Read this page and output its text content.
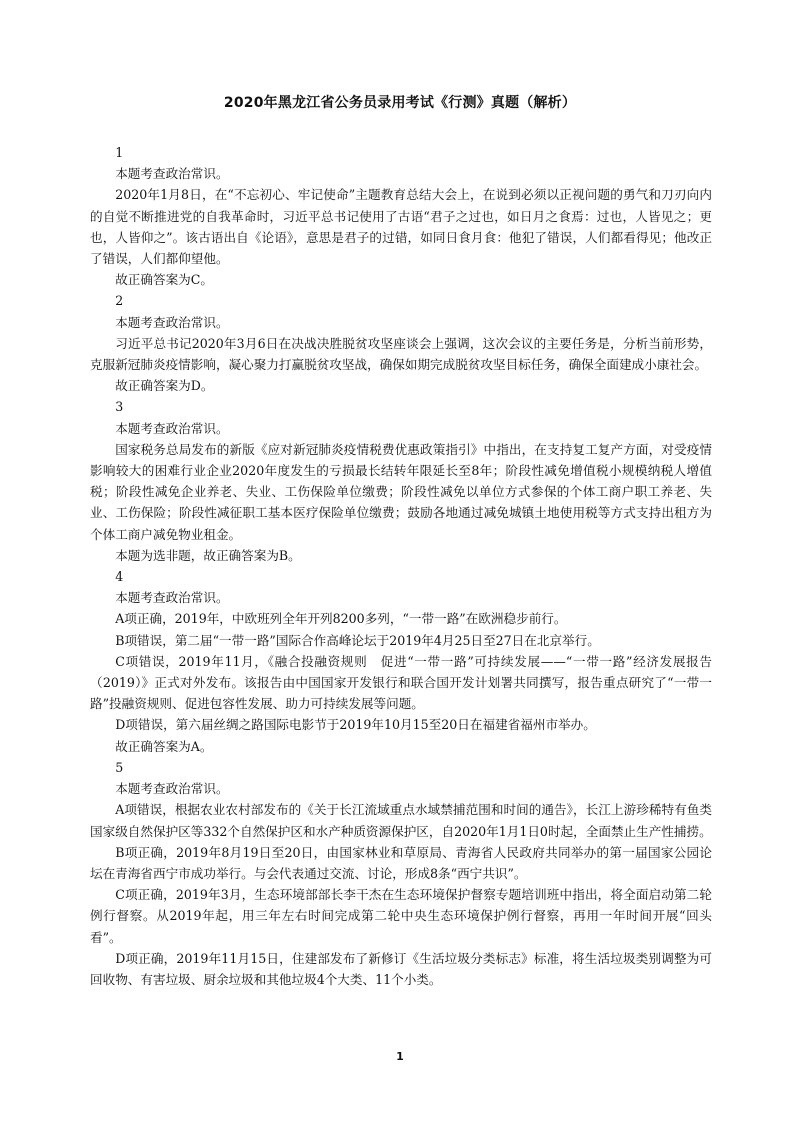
2020年黑龙江省公务员录用考试《行测》真题（解析）

1

本题考查政治常识。

2020年1月8日，在“不忘初心、牢记使命”主题教育总结大会上，在说到必须以正视问题的勇气和刀刃向内的自觉不断推进党的自我革命时，习近平总书记使用了古语“君子之过也，如日月之食焉：过也，人皆见之；更也，人皆仰之”。该古语出自《论语》，意思是君子的过错，如同日食月食：他犯了错误，人们都看得见；他改正了错误，人们都仰望他。

故正确答案为C。

2

本题考查政治常识。

习近平总书记2020年3月6日在决战决胜脱贫攻坚座谈会上强调，这次会议的主要任务是，分析当前形势，克服新冠肺炎疫情影响，凝心聚力打赢脱贫攻坚战，确保如期完成脱贫攻坚目标任务，确保全面建成小康社会。

故正确答案为D。

3

本题考查政治常识。

国家税务总局发布的新版《应对新冠肺炎疫情税费优惠政策指引》中指出，在支持复工复产方面，对受疫情影响较大的困难行业企业2020年度发生的亏损最长结转年限延长至8年；阶段性减免增值税小规模纳税人增值税；阶段性减免企业养老、失业、工伤保险单位缴费；阶段性减免以单位方式参保的个体工商户职工养老、失业、工伤保险；阶段性减征职工基本医疗保险单位缴费；鼓励各地通过减免城镇土地使用税等方式支持出租方为个体工商户减免物业租金。

本题为选非题，故正确答案为B。

4

本题考查政治常识。

A项正确，2019年，中欧班列全年开列8200多列，“一带一路”在欧洲稳步前行。

B项错误，第二届“一带一路”国际合作高峰论坛于2019年4月25日至27日在北京举行。

C项错误，2019年11月，《融合投融资规则　促进“一带一路”可持续发展——“一带一路”经济发展报告（2019）》正式对外发布。该报告由中国国家开发银行和联合国开发计划署共同撰写，报告重点研究了“一带一路”投融资规则、促进包容性发展、助力可持续发展等问题。

D项错误，第六届丝绸之路国际电影节于2019年10月15至20日在福建省福州市举办。

故正确答案为A。

5

本题考查政治常识。

A项错误，根据农业农村部发布的《关于长江流域重点水域禁捕范围和时间的通告》，长江上游珍稀特有鱼类国家级自然保护区等332个自然保护区和水产种质资源保护区，自2020年1月1日0时起，全面禁止生产性捕捞。

B项正确，2019年8月19日至20日，由国家林业和草原局、青海省人民政府共同举办的第一届国家公园论坛在青海省西宁市成功举行。与会代表通过交流、讨论，形成8条“西宁共识”。

C项正确，2019年3月，生态环境部部长李干杰在生态环境保护督察专题培训班中指出，将全面启动第二轮例行督察。从2019年起，用三年左右时间完成第二轮中央生态环境保护例行督察，再用一年时间开展“回头看”。

D项正确，2019年11月15日，住建部发布了新修订《生活垃圾分类标志》标准，将生活垃圾类别调整为可回收物、有害垃圾、厨余垃圾和其他垃圾4个大类、11个小类。

1
